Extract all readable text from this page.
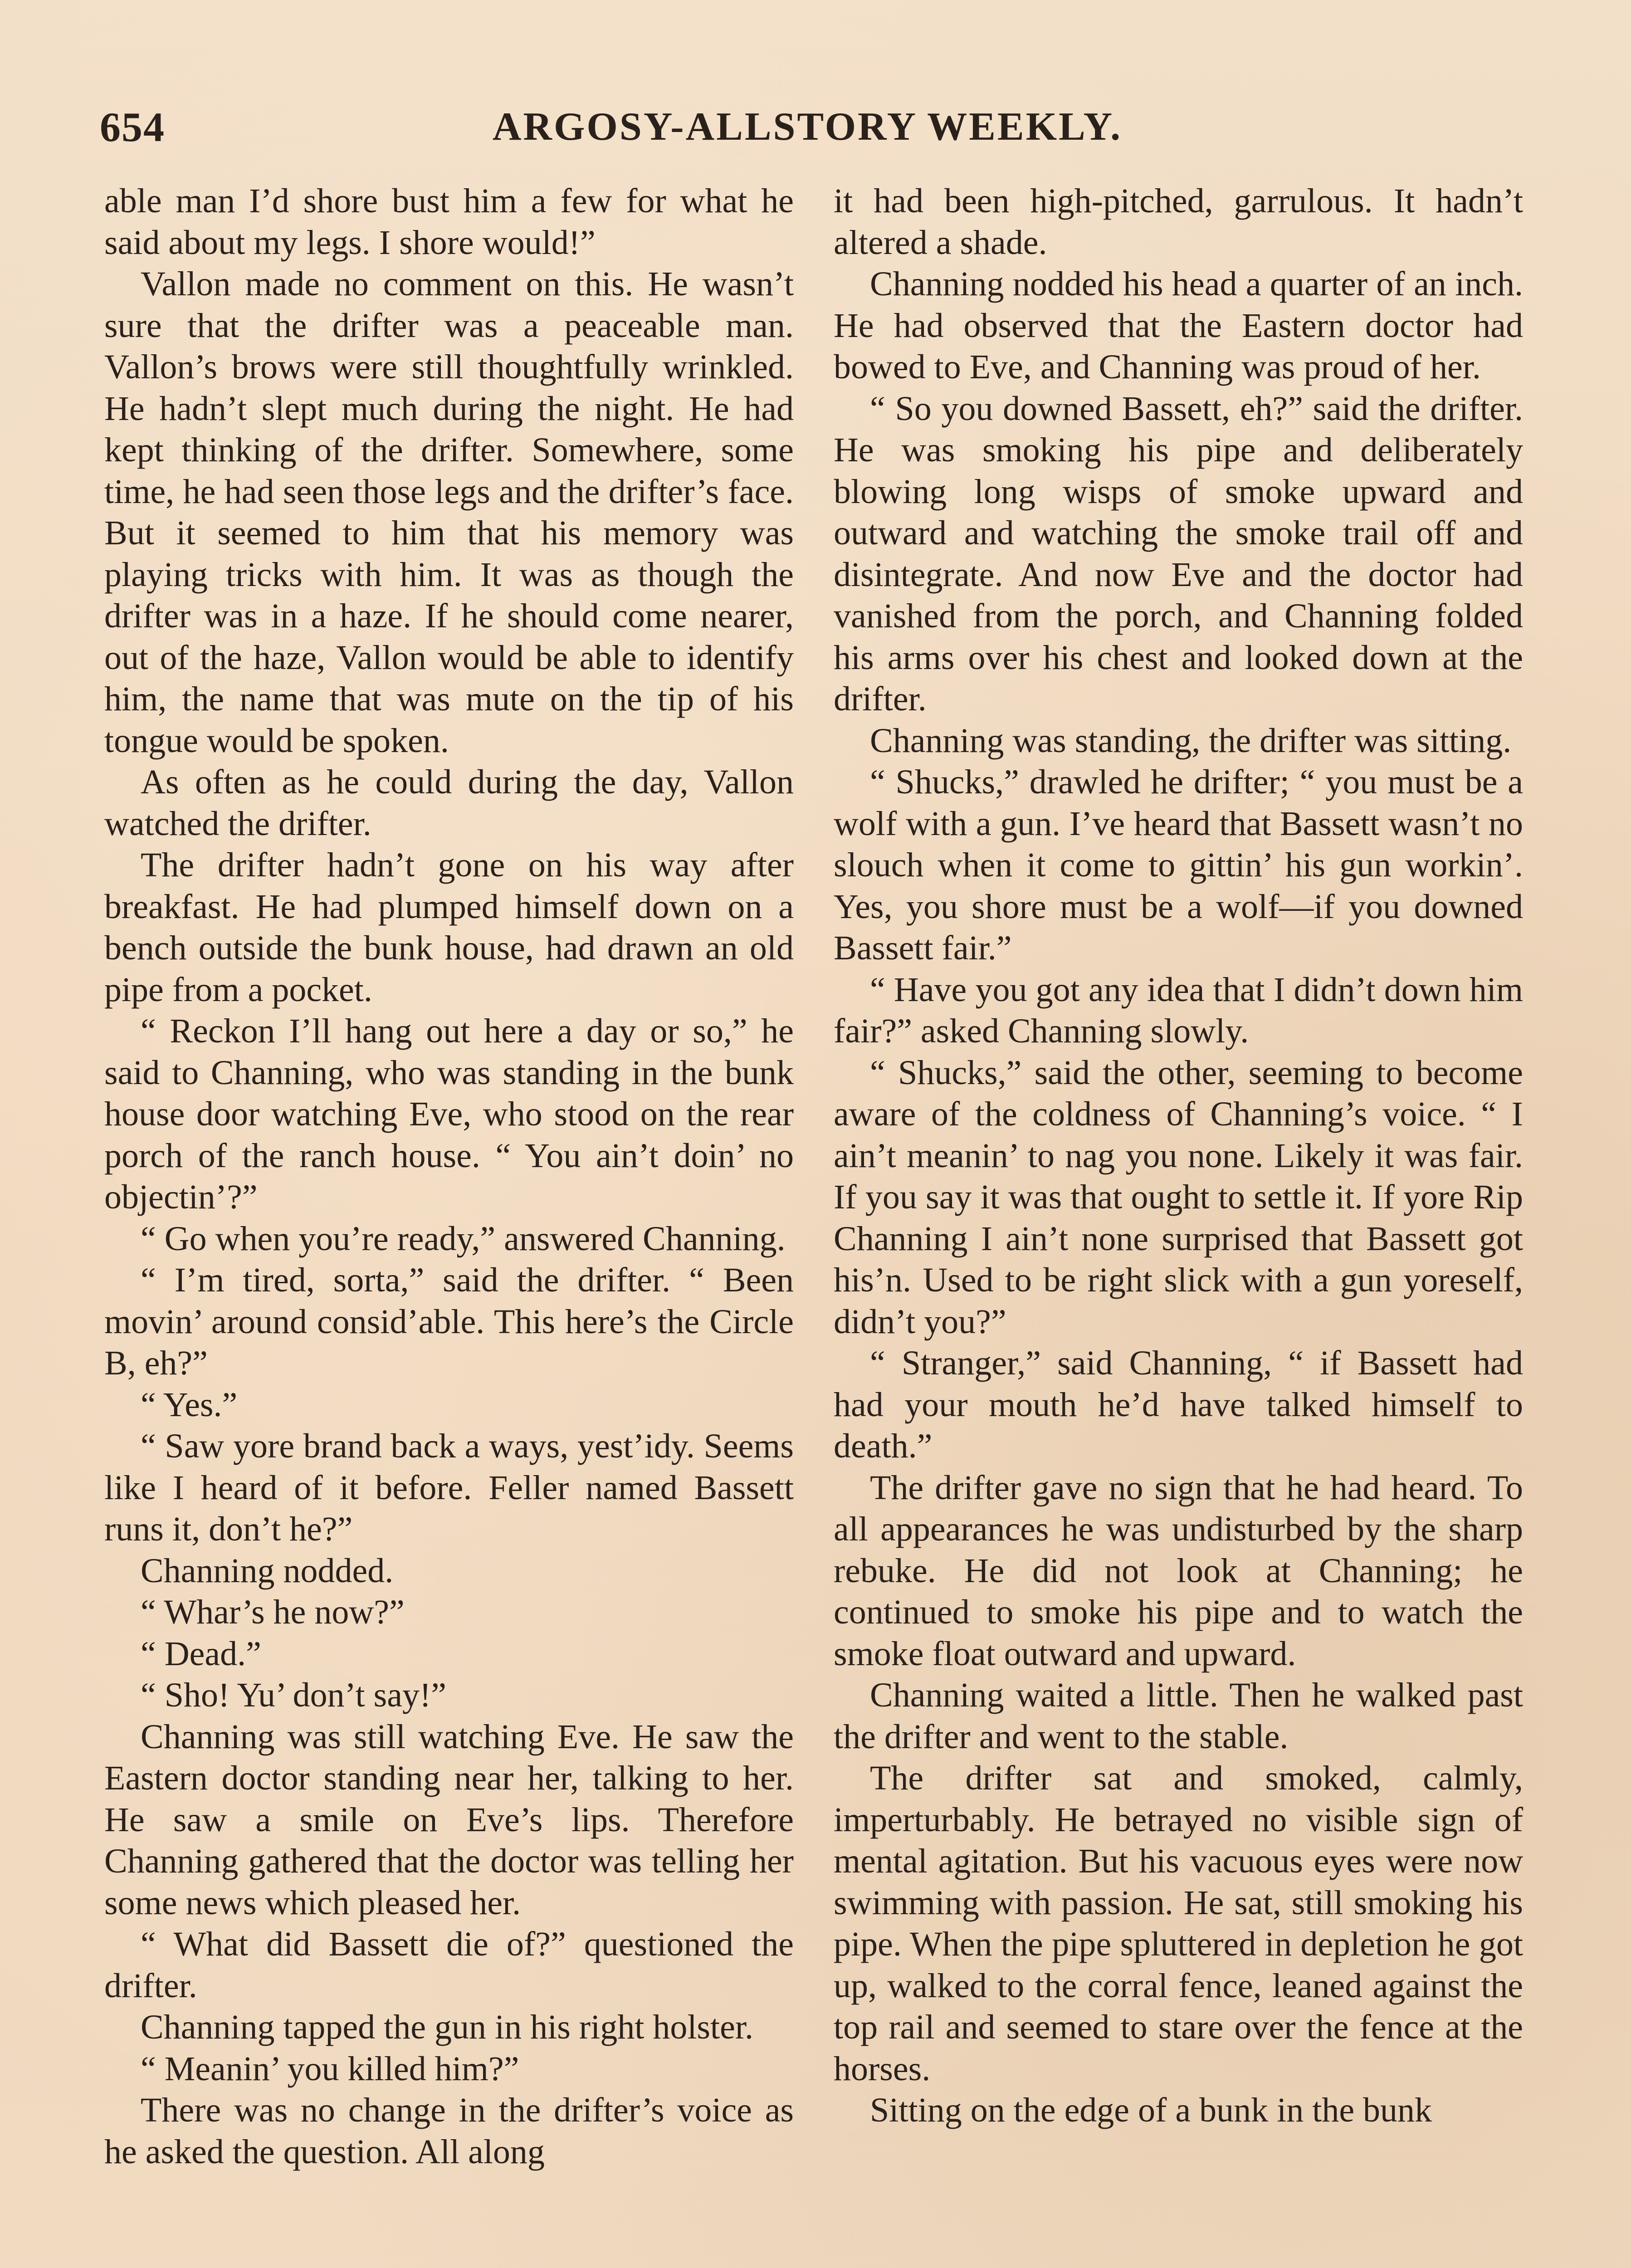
654	ARGOSY-ALLSTORY WEEKLY.

able man I’d shore bust him a few for what he said about my legs. I shore would!”

Vallon made no comment on this. He wasn’t sure that the drifter was a peaceable man. Vallon’s brows were still thoughtfully wrinkled. He hadn’t slept much during the night. He had kept thinking of the drifter. Somewhere, some time, he had seen those legs and the drifter’s face. But it seemed to him that his memory was playing tricks with him. It was as though the drifter was in a haze. If he should come nearer, out of the haze, Vallon would be able to identify him, the name that was mute on the tip of his tongue would be spoken.

As often as he could during the day, Vallon watched the drifter.

The drifter hadn’t gone on his way after breakfast. He had plumped himself down on a bench outside the bunk house, had drawn an old pipe from a pocket.

“ Reckon I’ll hang out here a day or so,” he said to Channing, who was standing in the bunk house door watching Eve, who stood on the rear porch of the ranch house. “ You ain’t doin’ no objectin’?”

“ Go when you’re ready,” answered Channing.

“ I’m tired, sorta,” said the drifter. “ Been movin’ around consid’able. This here’s the Circle B, eh?”

“ Yes.”

“ Saw yore brand back a ways, yest’idy. Seems like I heard of it before. Feller named Bassett runs it, don’t he?”

Channing nodded.

“ Whar’s he now?”

“ Dead.”

“ Sho! Yu’ don’t say!”

Channing was still watching Eve. He saw the Eastern doctor standing near her, talking to her. He saw a smile on Eve’s lips. Therefore Channing gathered that the doctor was telling her some news which pleased her.

“ What did Bassett die of?” questioned the drifter.

Channing tapped the gun in his right holster.

“ Meanin’ you killed him?”

There was no change in the drifter’s voice as he asked the question. All along

it had been high-pitched, garrulous. It hadn’t altered a shade.

Channing nodded his head a quarter of an inch. He had observed that the Eastern doctor had bowed to Eve, and Channing was proud of her.

“ So you downed Bassett, eh?” said the drifter. He was smoking his pipe and deliberately blowing long wisps of smoke upward and outward and watching the smoke trail off and disintegrate. And now Eve and the doctor had vanished from the porch, and Channing folded his arms over his chest and looked down at the drifter.

Channing was standing, the drifter was sitting.

“ Shucks,” drawled he drifter; “ you must be a wolf with a gun. I’ve heard that Bassett wasn’t no slouch when it come to gittin’ his gun workin’. Yes, you shore must be a wolf—if you downed Bassett fair.”

“ Have you got any idea that I didn’t down him fair?” asked Channing slowly.

“ Shucks,” said the other, seeming to become aware of the coldness of Channing’s voice. “ I ain’t meanin’ to nag you none. Likely it was fair. If you say it was that ought to settle it. If yore Rip Channing I ain’t none surprised that Bassett got his’n. Used to be right slick with a gun yoreself, didn’t you?”

“ Stranger,” said Channing, “ if Bassett had had your mouth he’d have talked himself to death.”

The drifter gave no sign that he had heard. To all appearances he was undisturbed by the sharp rebuke. He did not look at Channing; he continued to smoke his pipe and to watch the smoke float outward and upward.

Channing waited a little. Then he walked past the drifter and went to the stable.

The drifter sat and smoked, calmly, imperturbably. He betrayed no visible sign of mental agitation. But his vacuous eyes were now swimming with passion. He sat, still smoking his pipe. When the pipe spluttered in depletion he got up, walked to the corral fence, leaned against the top rail and seemed to stare over the fence at the horses.

Sitting on the edge of a bunk in the bunk
